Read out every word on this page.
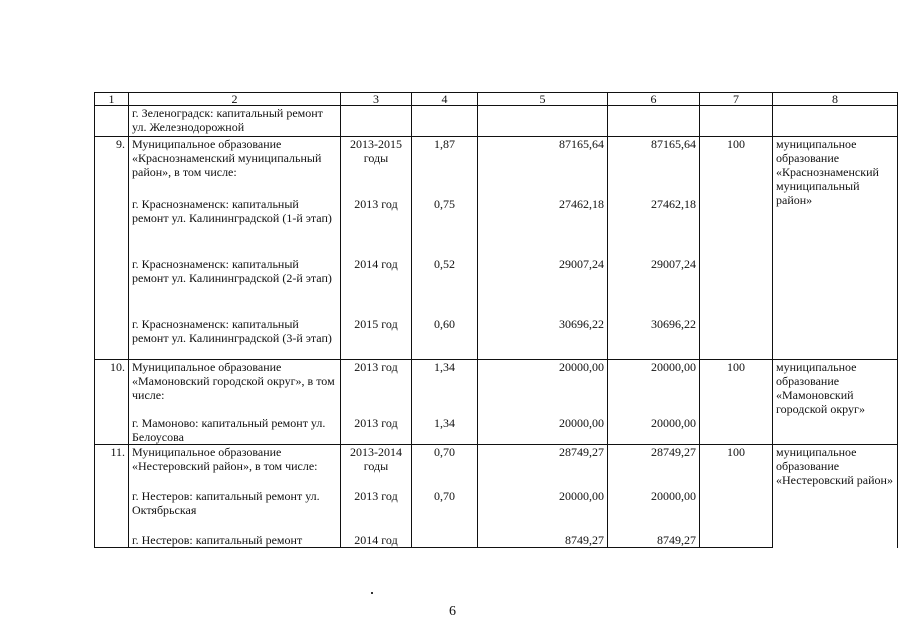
1	2	3	4	5	6	7	8
	г. Зеленоградск: капитальный ремонт ул. Железнодорожной						
9.	Муниципальное образование «Краснознаменский муниципальный район», в том числе:	2013-2015 годы	1,87	87165,64	87165,64	100	муниципальное образование «Краснознаменский муниципальный район»
	г. Краснознаменск: капитальный ремонт ул. Калининградской (1-й этап)	2013 год	0,75	27462,18	27462,18		

	г. Краснознаменск: капитальный ремонт ул. Калининградской (2-й этап)	2014 год	0,52	29007,24	29007,24		

	г. Краснознаменск: капитальный ремонт ул. Калининградской (3-й этап)	2015 год	0,60	30696,22	30696,22		

10.	Муниципальное образование «Мамоновский городской округ», в том числе:	2013 год	1,34	20000,00	20000,00	100	муниципальное образование «Мамоновский городской округ»
	г. Мамоново: капитальный ремонт ул. Белоусова	2013 год	1,34	20000,00	20000,00		
11.	Муниципальное образование «Нестеровский район», в том числе:	2013-2014 годы	0,70	28749,27	28749,27	100	муниципальное образование «Нестеровский район»
	г. Нестеров: капитальный ремонт ул. Октябрьская	2013 год	0,70	20000,00	20000,00		
	г. Нестеров: капитальный ремонт	2014 год		8749,27	8749,27		
6
